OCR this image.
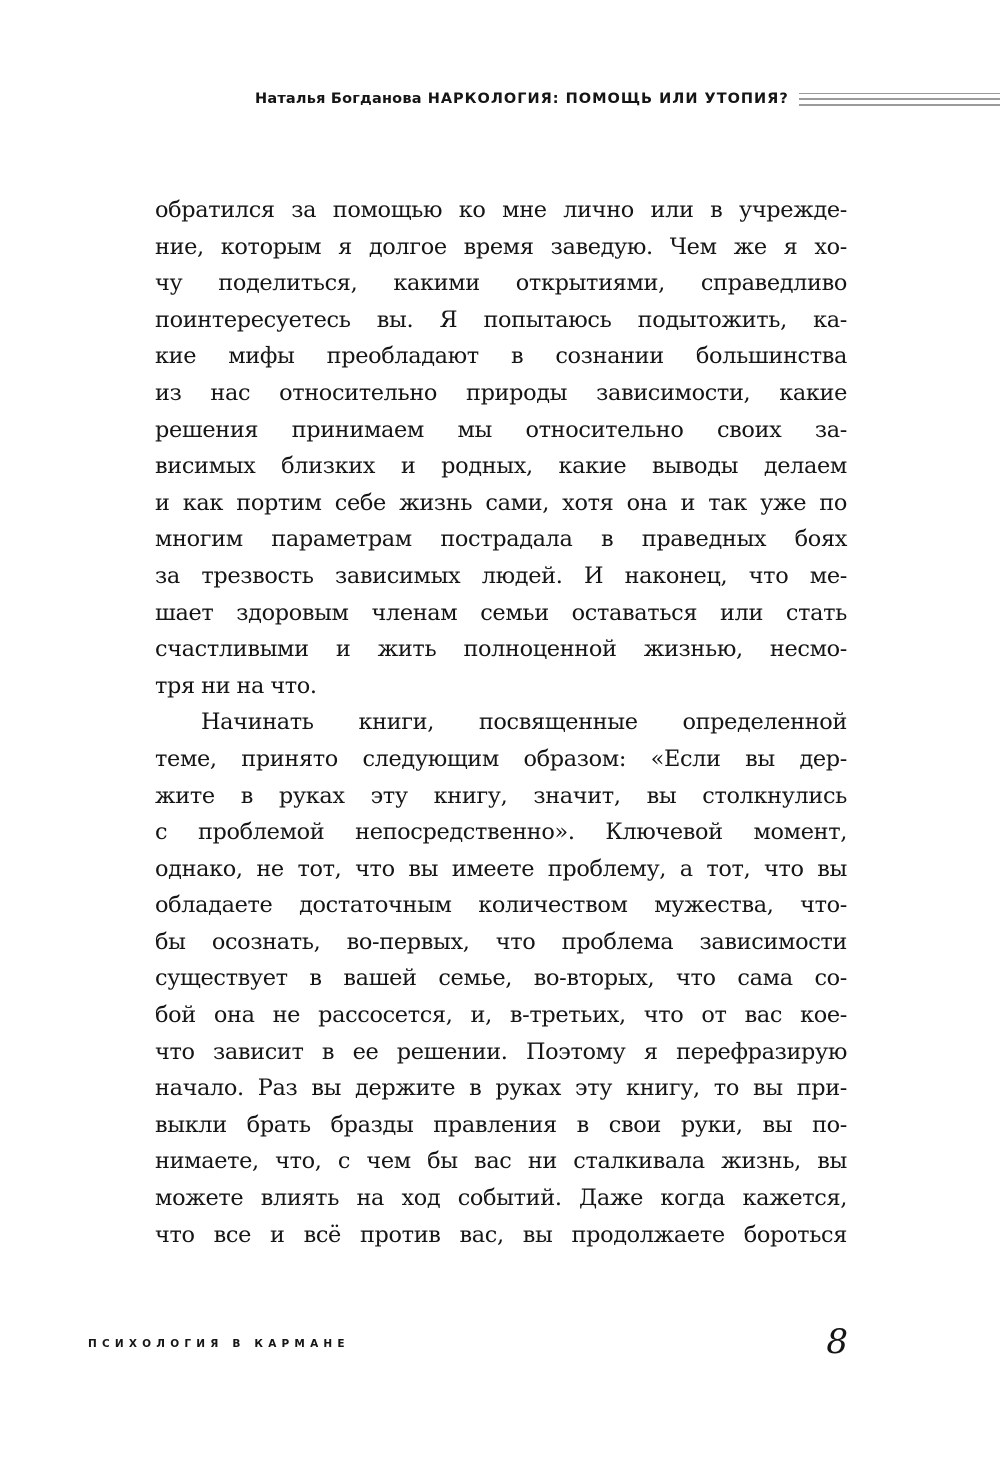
Наталья Богданова НАРКОЛОГИЯ: ПОМОЩЬ ИЛИ УТОПИЯ?

обратился за помощью ко мне лично или в учрежде-
ние, которым я долгое время заведую. Чем же я хо-
чу поделиться, какими открытиями, справедливо
поинтересуетесь вы. Я попытаюсь подытожить, ка-
кие мифы преобладают в сознании большинства
из нас относительно природы зависимости, какие
решения принимаем мы относительно своих за-
висимых близких и родных, какие выводы делаем
и как портим себе жизнь сами, хотя она и так уже по
многим параметрам пострадала в праведных боях
за трезвость зависимых людей. И наконец, что ме-
шает здоровым членам семьи оставаться или стать
счастливыми и жить полноценной жизнью, несмо-
тря ни на что.

Начинать книги, посвященные определенной
теме, принято следующим образом: «Если вы дер-
жите в руках эту книгу, значит, вы столкнулись
с проблемой непосредственно». Ключевой момент,
однако, не тот, что вы имеете проблему, а тот, что вы
обладаете достаточным количеством мужества, что-
бы осознать, во-первых, что проблема зависимости
существует в вашей семье, во-вторых, что сама со-
бой она не рассосется, и, в-третьих, что от вас кое-
что зависит в ее решении. Поэтому я перефразирую
начало. Раз вы держите в руках эту книгу, то вы при-
выкли брать бразды правления в свои руки, вы по-
нимаете, что, с чем бы вас ни сталкивала жизнь, вы
можете влиять на ход событий. Даже когда кажется,
что все и всё против вас, вы продолжаете бороться

ПСИХОЛОГИЯ В КАРМАНЕ	8
